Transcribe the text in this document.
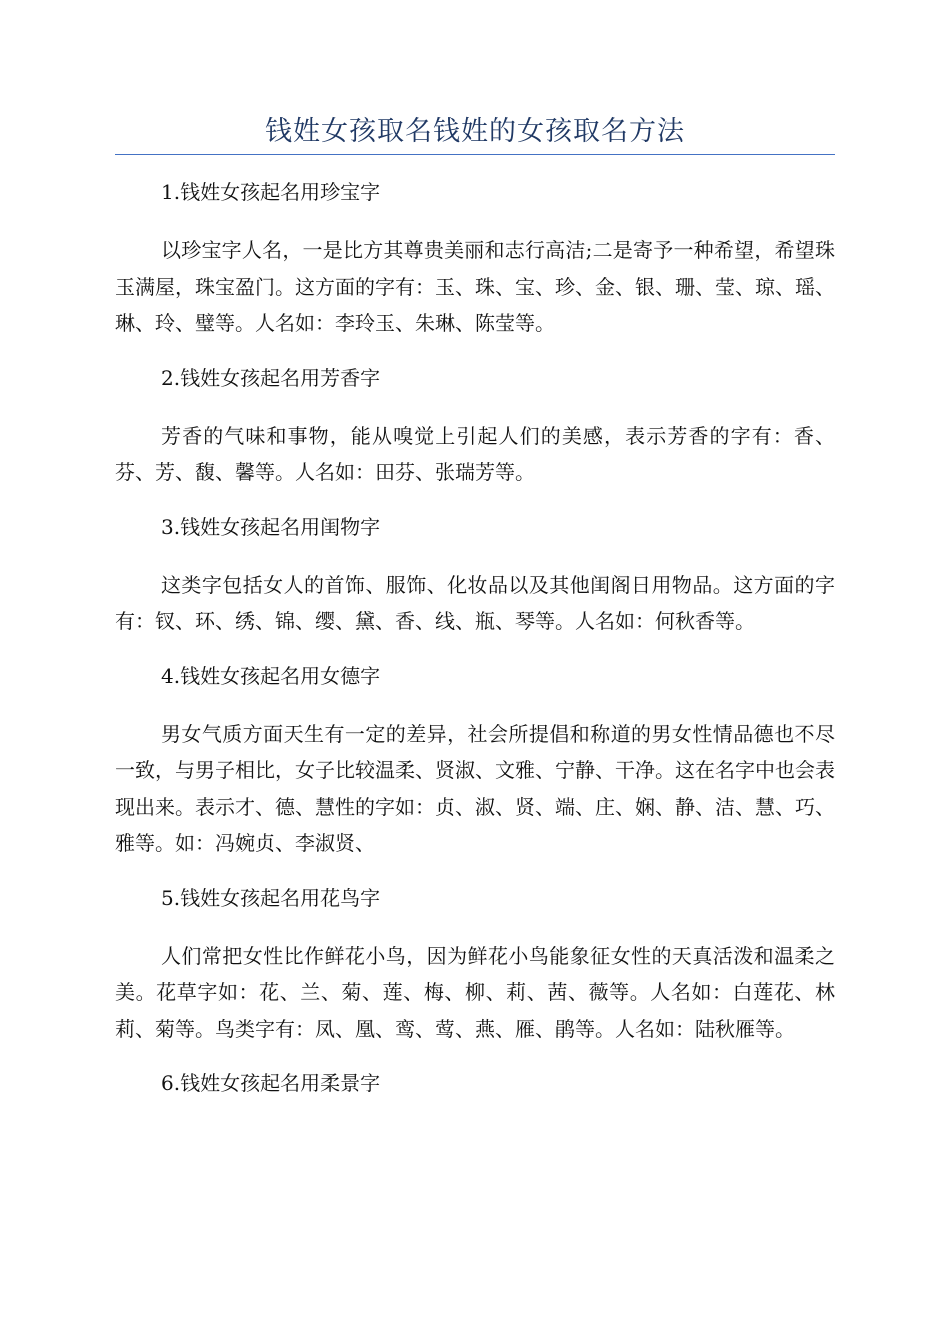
钱姓女孩取名钱姓的女孩取名方法

1.钱姓女孩起名用珍宝字

以珍宝字人名，一是比方其尊贵美丽和志行高洁;二是寄予一种希望，希望珠玉满屋，珠宝盈门。这方面的字有：玉、珠、宝、珍、金、银、珊、莹、琼、瑶、琳、玲、璧等。人名如：李玲玉、朱琳、陈莹等。

2.钱姓女孩起名用芳香字

芳香的气味和事物，能从嗅觉上引起人们的美感，表示芳香的字有：香、芬、芳、馥、馨等。人名如：田芬、张瑞芳等。

3.钱姓女孩起名用闺物字

这类字包括女人的首饰、服饰、化妆品以及其他闺阁日用物品。这方面的字有：钗、环、绣、锦、缨、黛、香、线、瓶、琴等。人名如：何秋香等。

4.钱姓女孩起名用女德字

男女气质方面天生有一定的差异，社会所提倡和称道的男女性情品德也不尽一致，与男子相比，女子比较温柔、贤淑、文雅、宁静、干净。这在名字中也会表现出来。表示才、德、慧性的字如：贞、淑、贤、端、庄、娴、静、洁、慧、巧、雅等。如：冯婉贞、李淑贤、

5.钱姓女孩起名用花鸟字

人们常把女性比作鲜花小鸟，因为鲜花小鸟能象征女性的天真活泼和温柔之美。花草字如：花、兰、菊、莲、梅、柳、莉、茜、薇等。人名如：白莲花、林莉、菊等。鸟类字有：凤、凰、鸾、莺、燕、雁、鹃等。人名如：陆秋雁等。

6.钱姓女孩起名用柔景字
